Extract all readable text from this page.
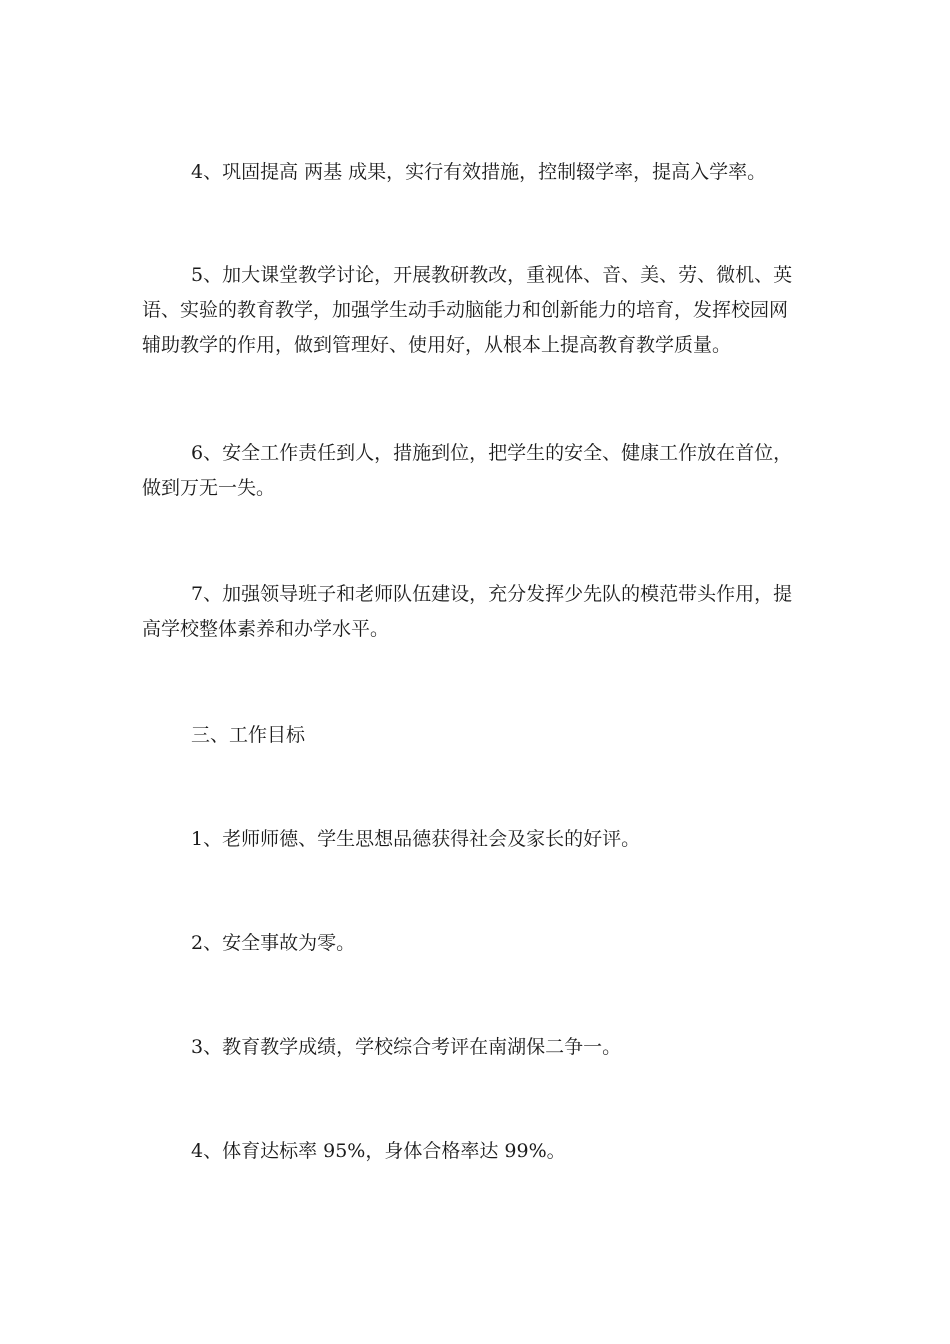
4、巩固提高 两基 成果，实行有效措施，控制辍学率，提高入学率。

5、加大课堂教学讨论，开展教研教改，重视体、音、美、劳、微机、英语、实验的教育教学，加强学生动手动脑能力和创新能力的培育，发挥校园网辅助教学的作用，做到管理好、使用好，从根本上提高教育教学质量。

6、安全工作责任到人，措施到位，把学生的安全、健康工作放在首位，做到万无一失。

7、加强领导班子和老师队伍建设，充分发挥少先队的模范带头作用，提高学校整体素养和办学水平。

三、工作目标

1、老师师德、学生思想品德获得社会及家长的好评。

2、安全事故为零。

3、教育教学成绩，学校综合考评在南湖保二争一。

4、体育达标率 95%，身体合格率达 99%。
